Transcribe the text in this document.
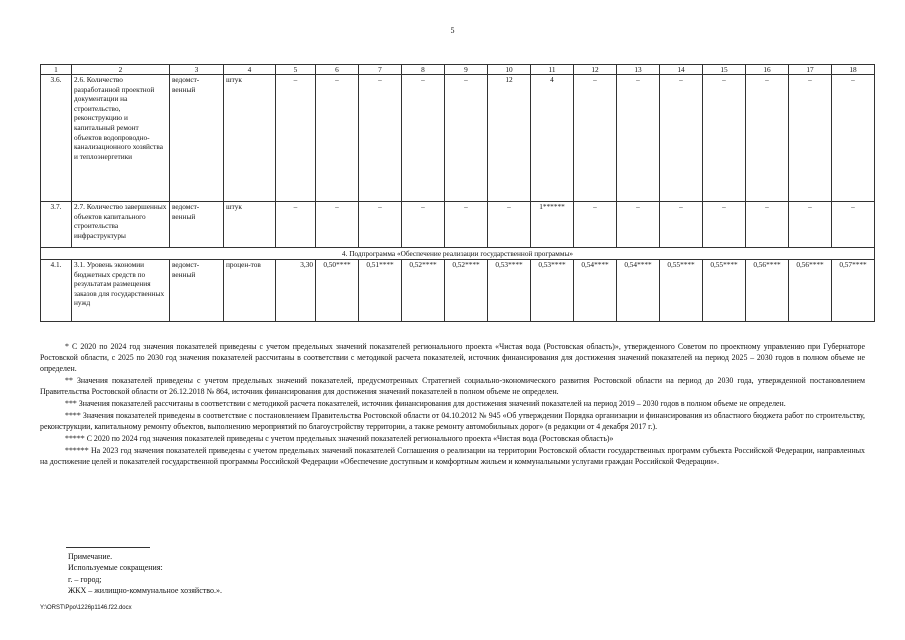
5
1	2	3	4	5	6	7	8	9	10	11	12	13	14	15	16	17	18
3.6.	2.6. Количество разработанной проектной документации на строительство, реконструкцию и капитальный ремонт объектов водопроводно-канализационного хозяйства и теплоэнергетики	ведомст-венный	штук	–	–	–	–	–	12	4	–	–	–	–	–	–	–
3.7.	2.7. Количество завершенных объектов капитального строительства инфраструктуры	ведомст-венный	штук	–	–	–	–	–	–	1******	–	–	–	–	–	–	–
4. Подпрограмма «Обеспечение реализации государственной программы»																	
4.1.	3.1. Уровень экономии бюджетных средств по результатам размещения заказов для государственных нужд	ведомст-венный	процен-тов	3,30	0,50****	0,51****	0,52****	0,52****	0,53****	0,53****	0,54****	0,54****	0,55****	0,55****	0,56****	0,56****	0,57****

* С 2020 по 2024 год значения показателей приведены с учетом предельных значений показателей регионального проекта «Чистая вода (Ростовская область)», утвержденного Советом по проектному управлению при Губернаторе Ростовской области, с 2025 по 2030 год значения показателей рассчитаны в соответствии с методикой расчета показателей, источник финансирования для достижения значений показателей на период 2025 – 2030 годов в полном объеме не определен.

** Значения показателей приведены с учетом предельных значений показателей, предусмотренных Стратегией социально-экономического развития Ростовской области на период до 2030 года, утвержденной постановлением Правительства Ростовской области от 26.12.2018 № 864, источник финансирования для достижения значений показателей в полном объеме не определен.

*** Значения показателей рассчитаны в соответствии с методикой расчета показателей, источник финансирования для достижения значений показателей на период 2019 – 2030 годов в полном объеме не определен.

**** Значения показателей приведены в соответствие с постановлением Правительства Ростовской области от 04.10.2012 № 945 «Об утверждении Порядка организации и финансирования из областного бюджета работ по строительству, реконструкции, капитальному ремонту объектов, выполнению мероприятий по благоустройству территории, а также ремонту автомобильных дорог» (в редакции от 4 декабря 2017 г.).

***** С 2020 по 2024 год значения показателей приведены с учетом предельных значений показателей регионального проекта «Чистая вода (Ростовская область)»

****** На 2023 год значения показателей приведены с учетом предельных значений показателей Соглашения о реализации на территории Ростовской области государственных программ субъекта Российской Федерации, направленных на достижение целей и показателей государственной программы Российской Федерации «Обеспечение доступным и комфортным жильем и коммунальными услугами граждан Российской Федерации».

Примечание.
Используемые сокращения:
г. – город;
ЖКХ – жилищно-коммунальное хозяйство.».
Y:\ORST\Ppo\1226p1146.f22.docx
